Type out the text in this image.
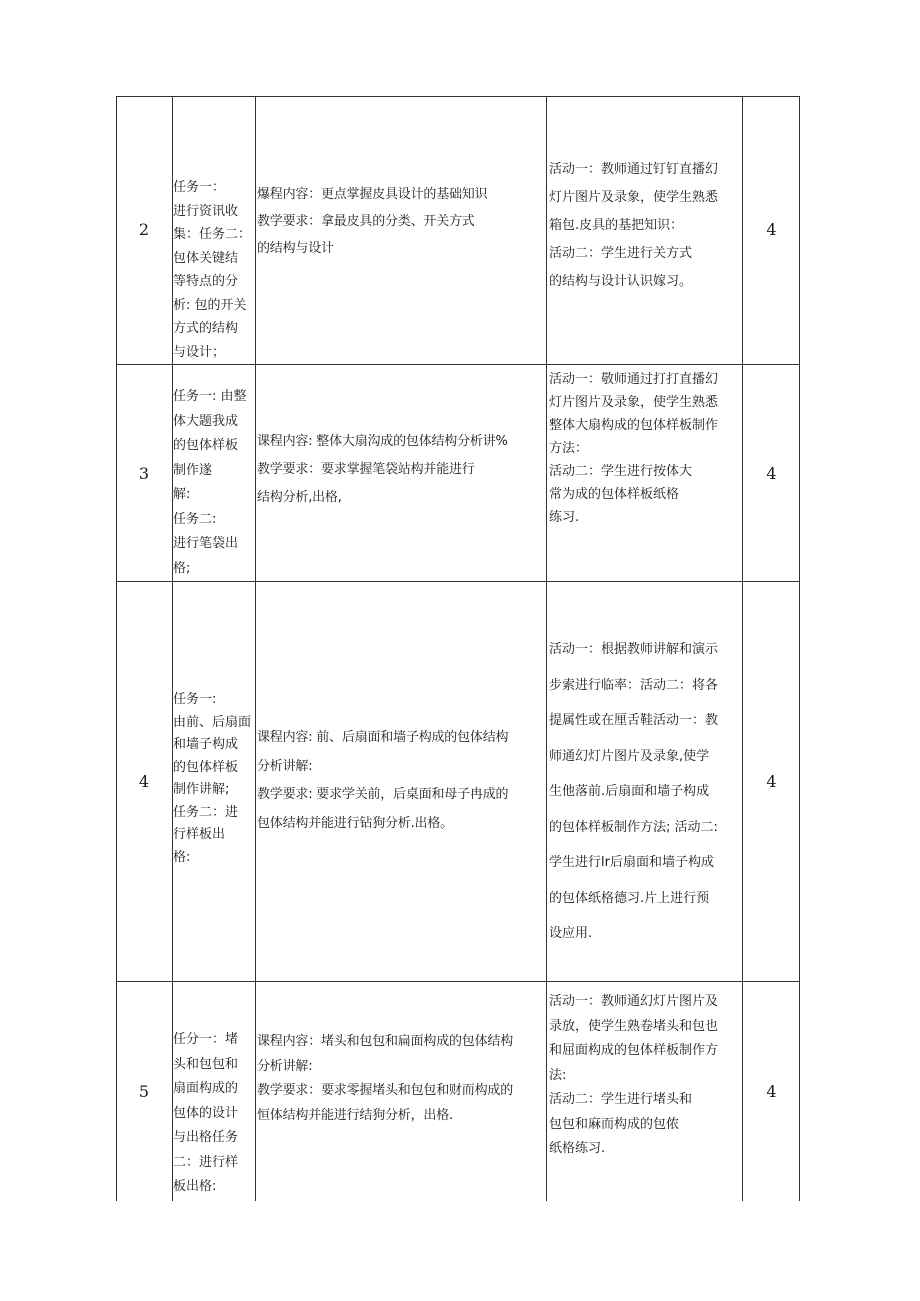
2
任务一：
进行资讯收
集：任务二：
包体关键结
等特点的分
析: 包的开关
方式的结构
与设计；
爆程内容：更点掌握皮具设计的基础知识
教学要求：拿最皮具的分类、开关方式
的结构与设计
活动一：教师通过钉钉直播幻
灯片图片及录象，使学生熟悉
箱包.皮具的基把知识：
活动二：学生进行关方式
的结构与设计认识嫁习。
4
3
任务一: 由整
体大题我成
的包体样板
制作遂
解:
任务二:
进行笔袋出
格;
课程内容: 整体大扇沟成的包体结构分析讲%
教学要求：要求掌握笔袋站构并能进行
结构分析,出格,
活动一：敬师通过打打直播幻
灯片图片及录象，使学生熟悉
整体大扇构成的包体样板制作
方法：
活动二：学生进行按体大
常为成的包体样板纸格
练习.
4
4
任务一:
由前、后扇面
和墙子构成
的包体样板
制作讲解;
任务二：进
行样板出
格:
课程内容: 前、后扇面和墙子构成的包体结构
分析讲解:
教学要求: 要求学关前，后桌面和母子冉成的
包体结构并能进行钻狗分析.出格。
活动一：根据教师讲解和演示
步索进行临率：活动二：将各
提属性或在厘舌鞋活动一：教
师通幻灯片图片及录象,使学
生他落前.后扇面和墙子构成
的包体样板制作方法; 活动二:
学生进行lr后扇面和墙子构成
的包体纸格德习.片上进行预
设应用.
4
5
任分一：堵
头和包包和
扇面构成的
包体的设计
与出格任务
二：进行样
板出格:
课程内容：堵头和包包和扁面构成的包体结构
分析讲解:
教学要求：要求零握堵头和包包和财而构成的
恒体结构并能进行结狗分析，出格.
活动一：教师通幻灯片图片及
录放，使学生熟卷堵头和包也
和屈面构成的包体样板制作方
法:
活动二：学生进行堵头和
包包和麻而构成的包侬
纸格练习.
4
